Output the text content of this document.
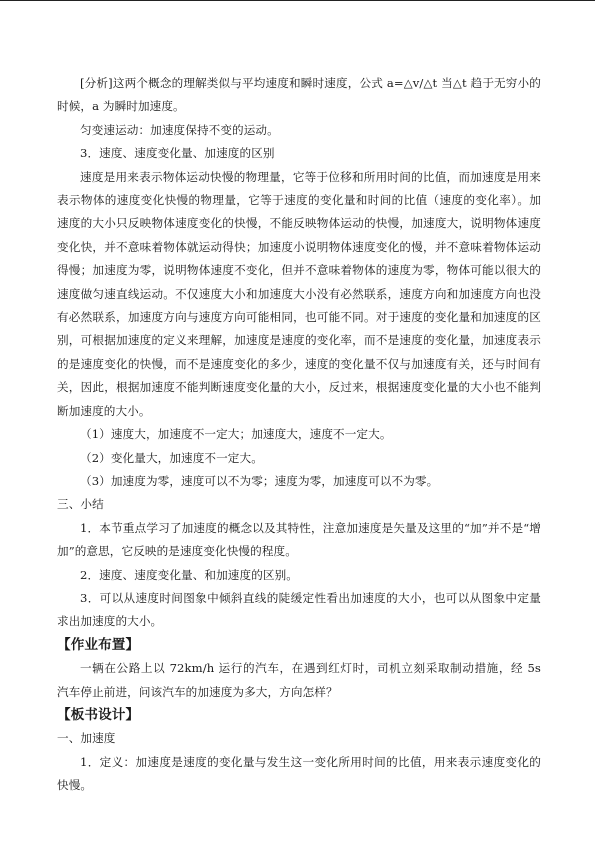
[分析]这两个概念的理解类似与平均速度和瞬时速度，公式 a=△v/△t 当△t 趋于无穷小的时候，a 为瞬时加速度。

匀变速运动：加速度保持不变的运动。

3．速度、速度变化量、加速度的区别

速度是用来表示物体运动快慢的物理量，它等于位移和所用时间的比值，而加速度是用来表示物体的速度变化快慢的物理量，它等于速度的变化量和时间的比值（速度的变化率）。加速度的大小只反映物体速度变化的快慢，不能反映物体运动的快慢，加速度大，说明物体速度变化快，并不意味着物体就运动得快；加速度小说明物体速度变化的慢，并不意味着物体运动得慢；加速度为零，说明物体速度不变化，但并不意味着物体的速度为零，物体可能以很大的速度做匀速直线运动。不仅速度大小和加速度大小没有必然联系，速度方向和加速度方向也没有必然联系，加速度方向与速度方向可能相同，也可能不同。对于速度的变化量和加速度的区别，可根据加速度的定义来理解，加速度是速度的变化率，而不是速度的变化量，加速度表示的是速度变化的快慢，而不是速度变化的多少，速度的变化量不仅与加速度有关，还与时间有关，因此，根据加速度不能判断速度变化量的大小，反过来，根据速度变化量的大小也不能判断加速度的大小。

（1）速度大，加速度不一定大；加速度大，速度不一定大。

（2）变化量大，加速度不一定大。

（3）加速度为零，速度可以不为零；速度为零，加速度可以不为零。

三、小结

1．本节重点学习了加速度的概念以及其特性，注意加速度是矢量及这里的“加”并不是“增加”的意思，它反映的是速度变化快慢的程度。

2．速度、速度变化量、和加速度的区别。

3．可以从速度时间图象中倾斜直线的陡缓定性看出加速度的大小，也可以从图象中定量求出加速度的大小。

【作业布置】

一辆在公路上以 72km/h 运行的汽车，在遇到红灯时，司机立刻采取制动措施，经 5s　汽车停止前进，问该汽车的加速度为多大，方向怎样？

【板书设计】

一、加速度

1．定义：加速度是速度的变化量与发生这一变化所用时间的比值，用来表示速度变化的快慢。
